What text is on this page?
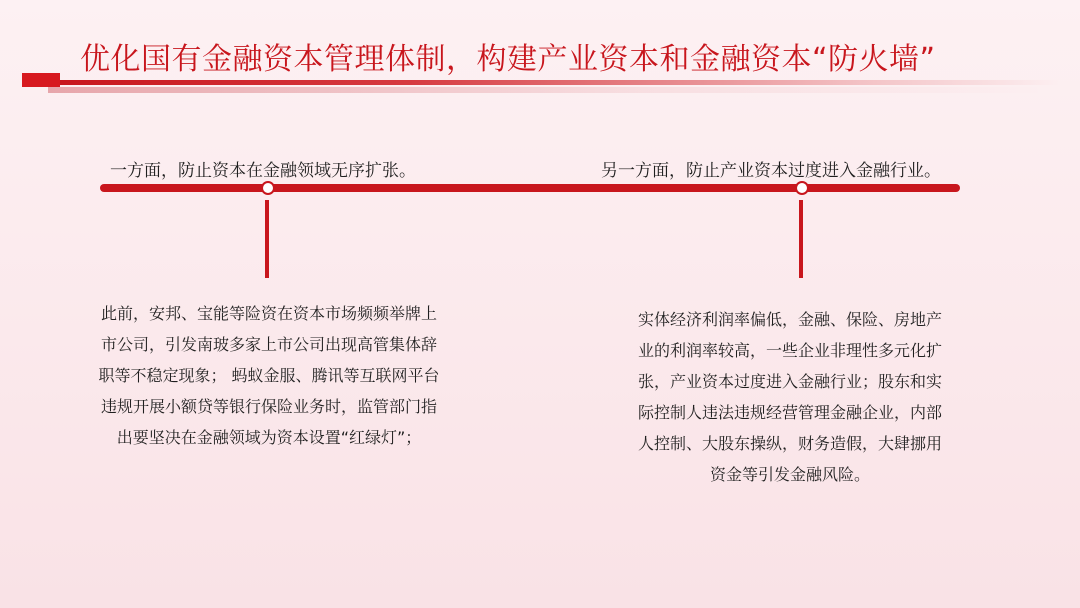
优化国有金融资本管理体制，构建产业资本和金融资本“防火墙”
一方面，防止资本在金融领域无序扩张。	另一方面，防止产业资本过度进入金融行业。
此前，安邦、宝能等险资在资本市场频频举牌上
市公司，引发南玻多家上市公司出现高管集体辞
职等不稳定现象； 蚂蚁金服、腾讯等互联网平台
违规开展小额贷等银行保险业务时，监管部门指
出要坚决在金融领域为资本设置“红绿灯”；
实体经济利润率偏低，金融、保险、房地产
业的利润率较高，一些企业非理性多元化扩
张，产业资本过度进入金融行业；股东和实
际控制人违法违规经营管理金融企业，内部
人控制、大股东操纵，财务造假，大肆挪用
资金等引发金融风险。
